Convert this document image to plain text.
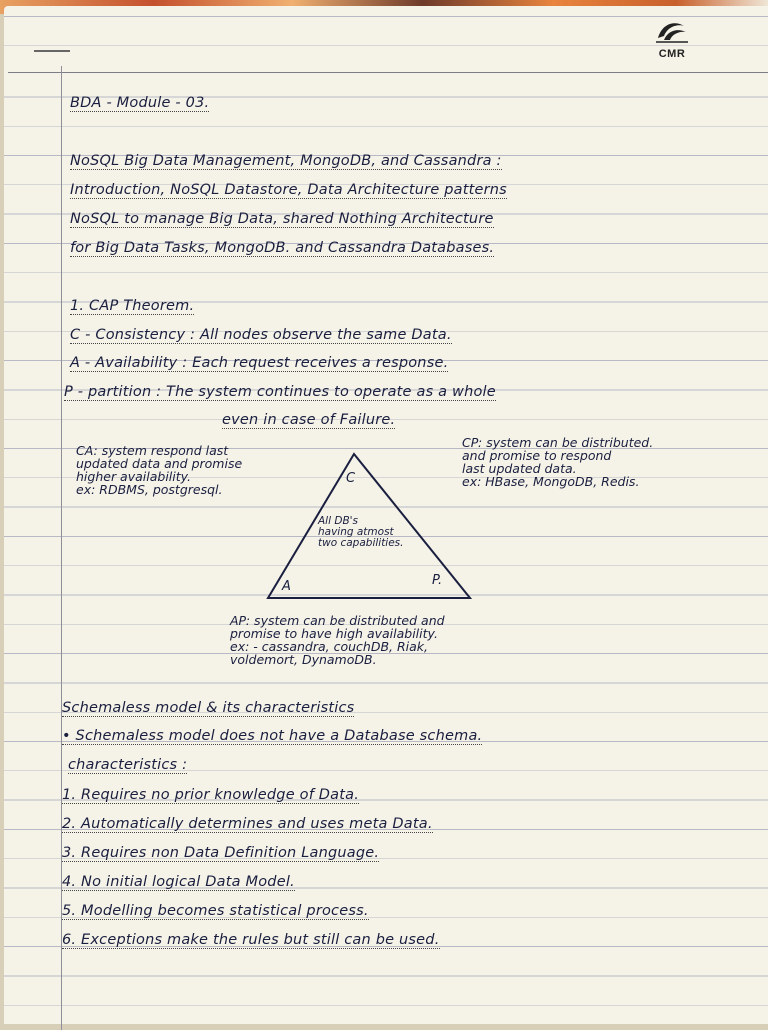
CMR
BDA - Module - 03.
NoSQL Big Data Management, MongoDB, and Cassandra :
Introduction, NoSQL Datastore, Data Architecture patterns
NoSQL to manage Big Data, shared Nothing Architecture
for Big Data Tasks, MongoDB. and Cassandra Databases.
1. CAP Theorem.
C - Consistency : All nodes observe the same Data.
A - Availability : Each request receives a response.
P - partition : The system continues to operate as a whole
even in case of Failure.
CA: system respond last
updated data and promise
higher availability.
ex: RDBMS, postgresql.
CP: system can be distributed.
and promise to respond
last updated data.
ex: HBase, MongoDB, Redis.
C
A	P.
All DB's
having atmost
two capabilities.
AP: system can be distributed and
promise to have high availability.
ex: - cassandra, couchDB, Riak,
voldemort, DynamoDB.
Schemaless model & its characteristics
• Schemaless model does not have a Database schema.
characteristics :
1. Requires no prior knowledge of Data.
2. Automatically determines and uses meta Data.
3. Requires non Data Definition Language.
4. No initial logical Data Model.
5. Modelling becomes statistical process.
6. Exceptions make the rules but still can be used.
